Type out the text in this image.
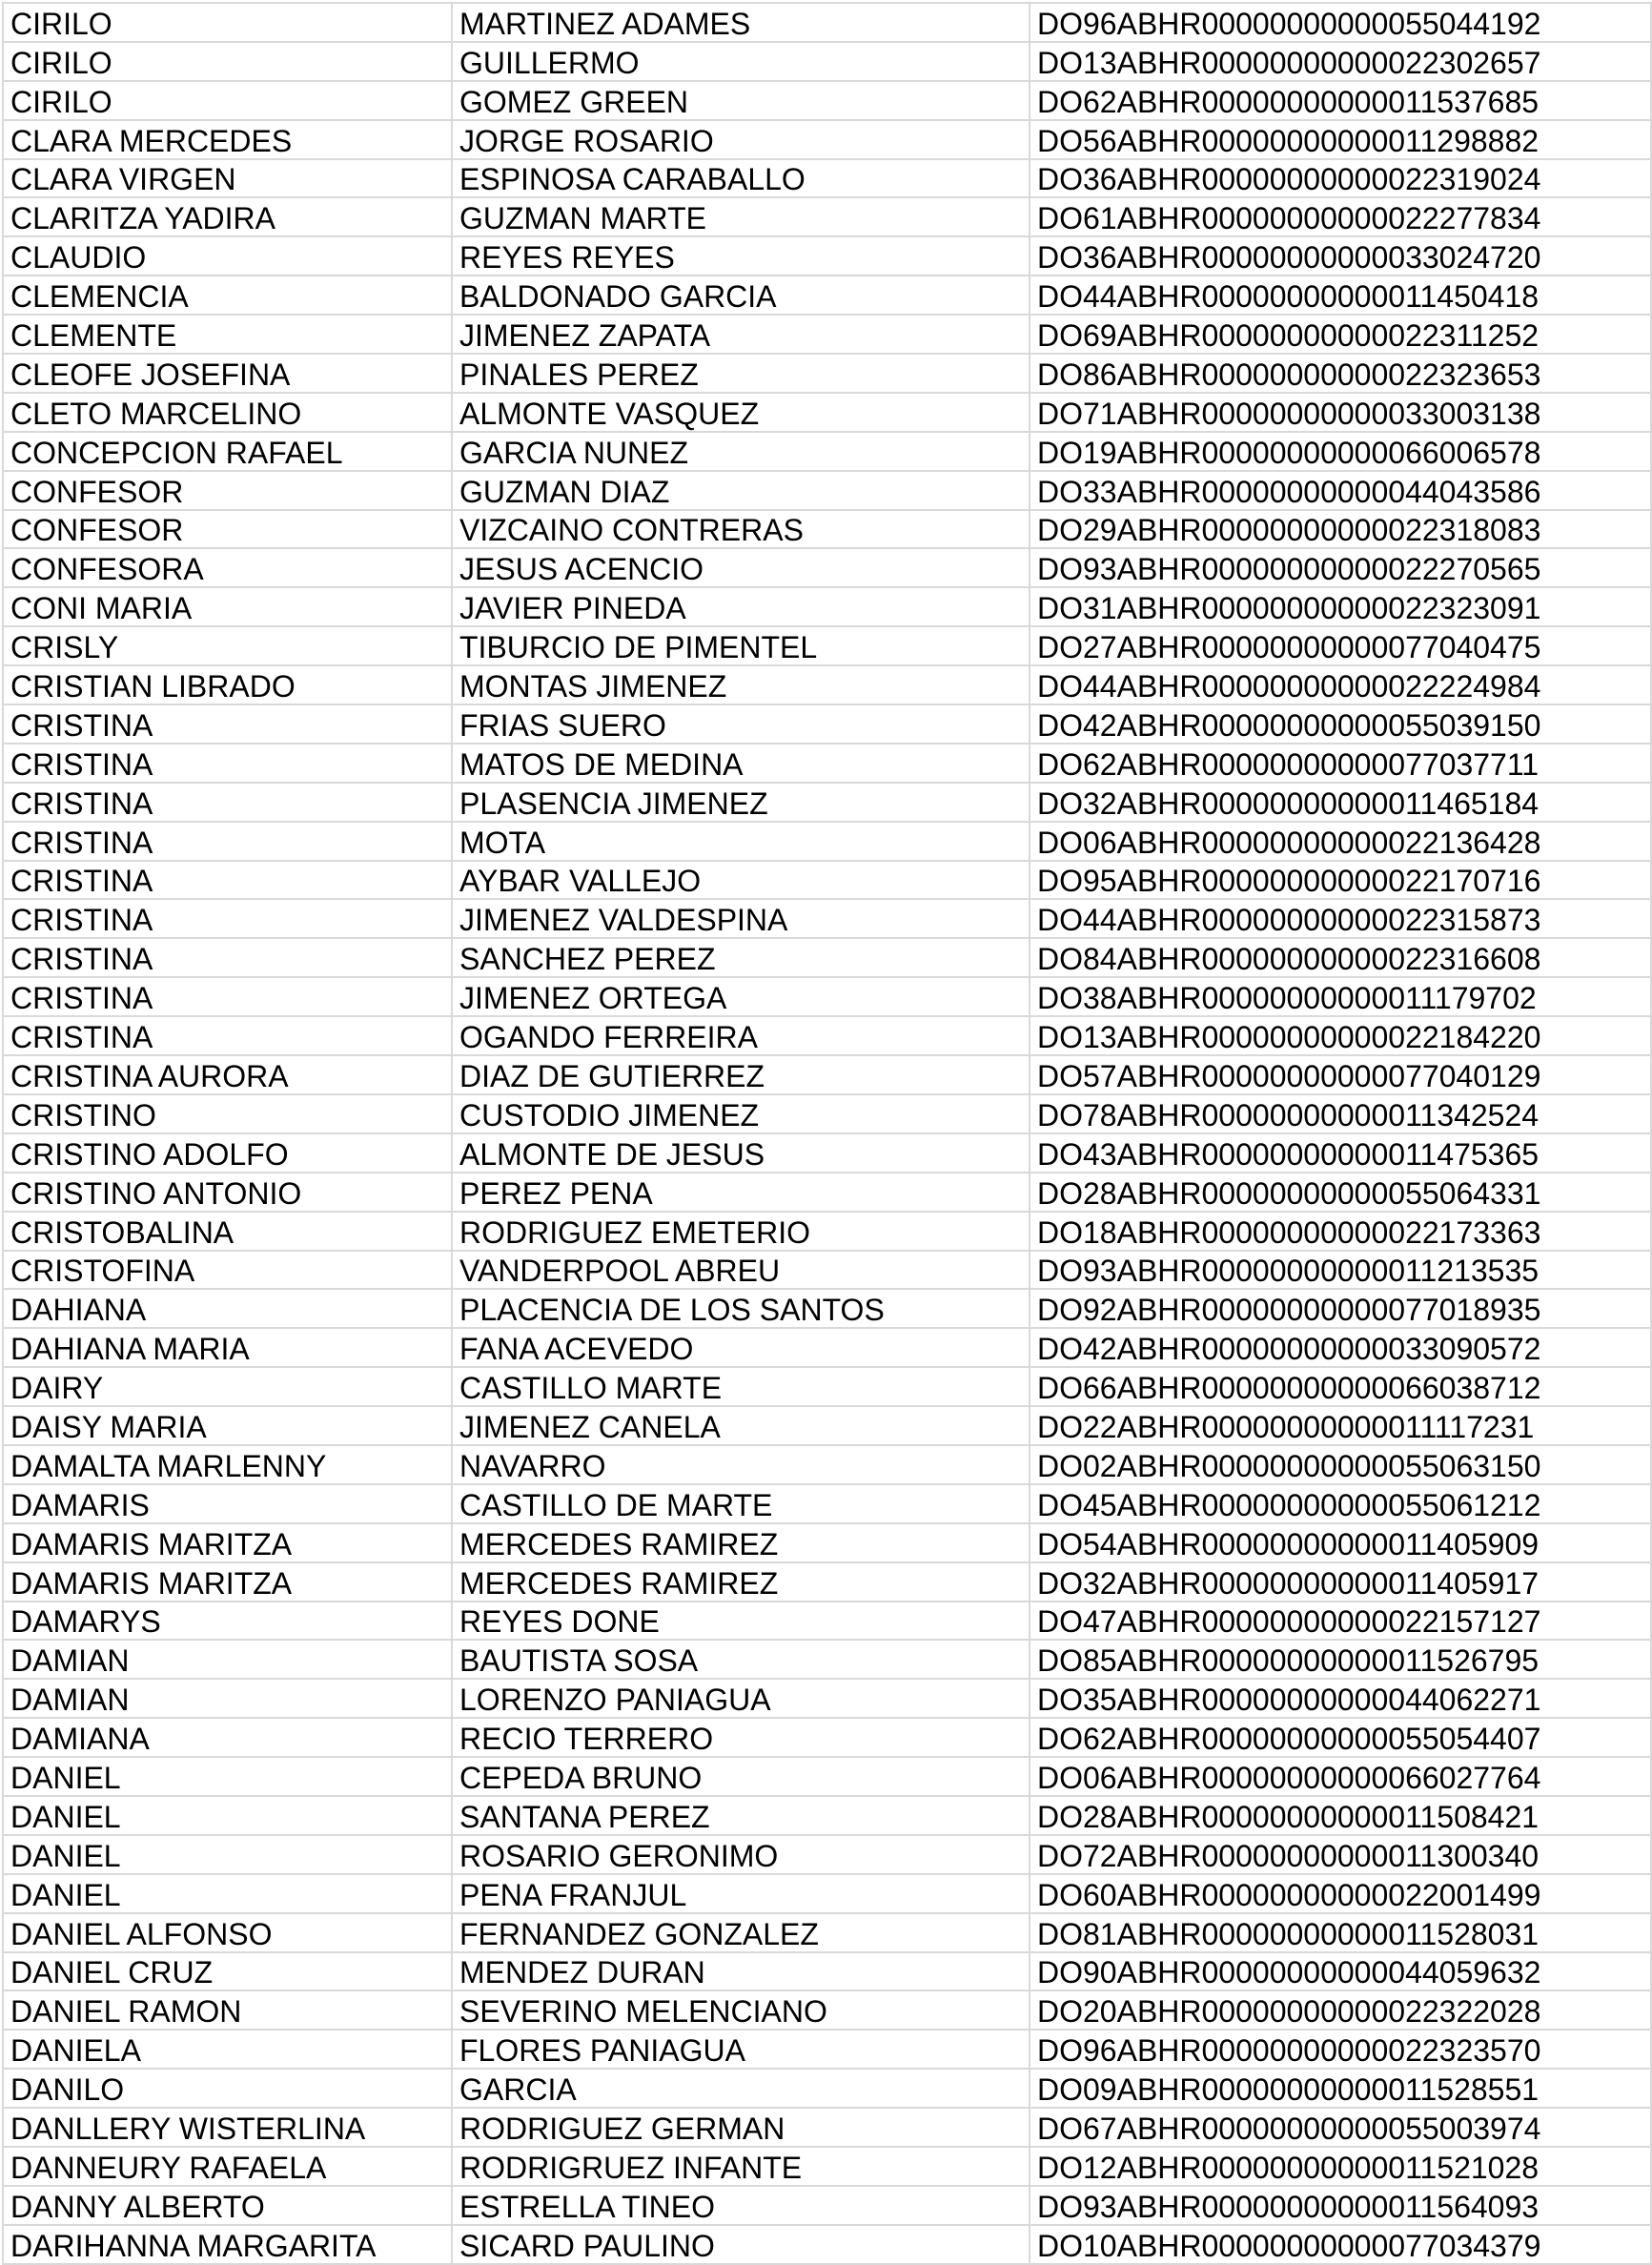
CIRILO	MARTINEZ ADAMES	DO96ABHR00000000000055044192
CIRILO	GUILLERMO	DO13ABHR00000000000022302657
CIRILO	GOMEZ GREEN	DO62ABHR00000000000011537685
CLARA MERCEDES	JORGE ROSARIO	DO56ABHR00000000000011298882
CLARA VIRGEN	ESPINOSA CARABALLO	DO36ABHR00000000000022319024
CLARITZA YADIRA	GUZMAN MARTE	DO61ABHR00000000000022277834
CLAUDIO	REYES REYES	DO36ABHR00000000000033024720
CLEMENCIA	BALDONADO GARCIA	DO44ABHR00000000000011450418
CLEMENTE	JIMENEZ ZAPATA	DO69ABHR00000000000022311252
CLEOFE JOSEFINA	PINALES PEREZ	DO86ABHR00000000000022323653
CLETO MARCELINO	ALMONTE VASQUEZ	DO71ABHR00000000000033003138
CONCEPCION RAFAEL	GARCIA NUNEZ	DO19ABHR00000000000066006578
CONFESOR	GUZMAN DIAZ	DO33ABHR00000000000044043586
CONFESOR	VIZCAINO CONTRERAS	DO29ABHR00000000000022318083
CONFESORA	JESUS ACENCIO	DO93ABHR00000000000022270565
CONI MARIA	JAVIER PINEDA	DO31ABHR00000000000022323091
CRISLY	TIBURCIO DE PIMENTEL	DO27ABHR00000000000077040475
CRISTIAN LIBRADO	MONTAS JIMENEZ	DO44ABHR00000000000022224984
CRISTINA	FRIAS SUERO	DO42ABHR00000000000055039150
CRISTINA	MATOS DE MEDINA	DO62ABHR00000000000077037711
CRISTINA	PLASENCIA JIMENEZ	DO32ABHR00000000000011465184
CRISTINA	MOTA	DO06ABHR00000000000022136428
CRISTINA	AYBAR VALLEJO	DO95ABHR00000000000022170716
CRISTINA	JIMENEZ VALDESPINA	DO44ABHR00000000000022315873
CRISTINA	SANCHEZ PEREZ	DO84ABHR00000000000022316608
CRISTINA	JIMENEZ ORTEGA	DO38ABHR00000000000011179702
CRISTINA	OGANDO FERREIRA	DO13ABHR00000000000022184220
CRISTINA AURORA	DIAZ DE GUTIERREZ	DO57ABHR00000000000077040129
CRISTINO	CUSTODIO JIMENEZ	DO78ABHR00000000000011342524
CRISTINO ADOLFO	ALMONTE DE JESUS	DO43ABHR00000000000011475365
CRISTINO ANTONIO	PEREZ PENA	DO28ABHR00000000000055064331
CRISTOBALINA	RODRIGUEZ EMETERIO	DO18ABHR00000000000022173363
CRISTOFINA	VANDERPOOL ABREU	DO93ABHR00000000000011213535
DAHIANA	PLACENCIA DE LOS SANTOS	DO92ABHR00000000000077018935
DAHIANA MARIA	FANA ACEVEDO	DO42ABHR00000000000033090572
DAIRY	CASTILLO MARTE	DO66ABHR00000000000066038712
DAISY MARIA	JIMENEZ CANELA	DO22ABHR00000000000011117231
DAMALTA MARLENNY	NAVARRO	DO02ABHR00000000000055063150
DAMARIS	CASTILLO DE MARTE	DO45ABHR00000000000055061212
DAMARIS MARITZA	MERCEDES RAMIREZ	DO54ABHR00000000000011405909
DAMARIS MARITZA	MERCEDES RAMIREZ	DO32ABHR00000000000011405917
DAMARYS	REYES DONE	DO47ABHR00000000000022157127
DAMIAN	BAUTISTA SOSA	DO85ABHR00000000000011526795
DAMIAN	LORENZO PANIAGUA	DO35ABHR00000000000044062271
DAMIANA	RECIO TERRERO	DO62ABHR00000000000055054407
DANIEL	CEPEDA BRUNO	DO06ABHR00000000000066027764
DANIEL	SANTANA PEREZ	DO28ABHR00000000000011508421
DANIEL	ROSARIO GERONIMO	DO72ABHR00000000000011300340
DANIEL	PENA FRANJUL	DO60ABHR00000000000022001499
DANIEL ALFONSO	FERNANDEZ GONZALEZ	DO81ABHR00000000000011528031
DANIEL CRUZ	MENDEZ DURAN	DO90ABHR00000000000044059632
DANIEL RAMON	SEVERINO MELENCIANO	DO20ABHR00000000000022322028
DANIELA	FLORES PANIAGUA	DO96ABHR00000000000022323570
DANILO	GARCIA	DO09ABHR00000000000011528551
DANLLERY WISTERLINA	RODRIGUEZ GERMAN	DO67ABHR00000000000055003974
DANNEURY RAFAELA	RODRIGRUEZ INFANTE	DO12ABHR00000000000011521028
DANNY ALBERTO	ESTRELLA TINEO	DO93ABHR00000000000011564093
DARIHANNA MARGARITA	SICARD PAULINO	DO10ABHR00000000000077034379
